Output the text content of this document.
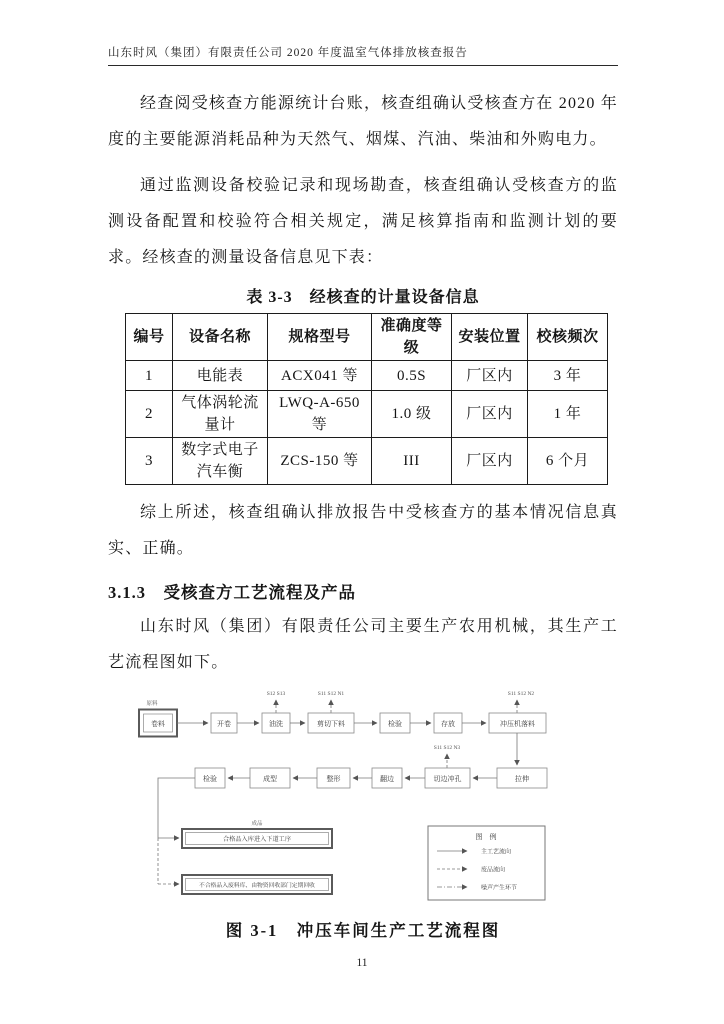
山东时风（集团）有限责任公司 2020 年度温室气体排放核查报告

经查阅受核查方能源统计台账，核查组确认受核查方在 2020 年度的主要能源消耗品种为天然气、烟煤、汽油、柴油和外购电力。

通过监测设备校验记录和现场勘查，核查组确认受核查方的监测设备配置和校验符合相关规定，满足核算指南和监测计划的要求。经核查的测量设备信息见下表：

表 3-3　经核查的计量设备信息
编号	设备名称	规格型号	准确度等级	安装位置	校核频次
1	电能表	ACX041 等	0.5S	厂区内	3 年
2	气体涡轮流量计	LWQ-A-650 等	1.0 级	厂区内	1 年
3	数字式电子汽车衡	ZCS-150 等	III	厂区内	6 个月

综上所述，核查组确认排放报告中受核查方的基本情况信息真实、正确。

3.1.3　受核查方工艺流程及产品

山东时风（集团）有限责任公司主要生产农用机械，其生产工艺流程图如下。

S12 S13	S11 S12 N1	S11 S12 N2
S11 S12 N3
原料
卷料	开卷	油洗	剪切下料	检验	存放	冲压机落料
检验	成型	整形	翻边	切边冲孔	拉伸
成品
合格品入库进入下道工序
不合格品入废料库、由物资回收部门定期回收
图　例
主工艺流向
废品流向
噪声产生环节
图 3-1　冲压车间生产工艺流程图
11
